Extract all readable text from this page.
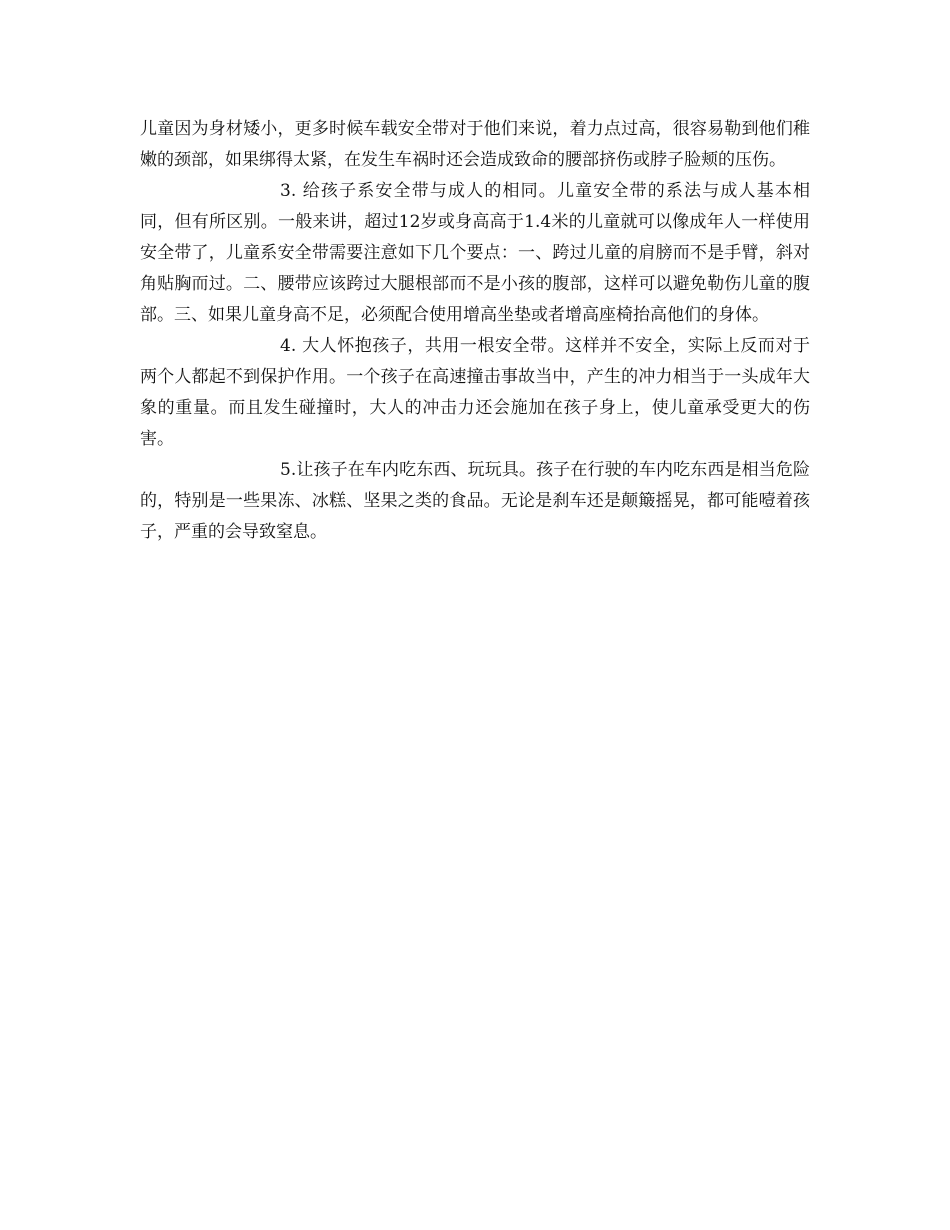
儿童因为身材矮小，更多时候车载安全带对于他们来说，着力点过高，很容易勒到他们稚嫩的颈部，如果绑得太紧，在发生车祸时还会造成致命的腰部挤伤或脖子脸颊的压伤。

3. 给孩子系安全带与成人的相同。儿童安全带的系法与成人基本相同，但有所区别。一般来讲，超过12岁或身高高于1.4米的儿童就可以像成年人一样使用安全带了，儿童系安全带需要注意如下几个要点：一、跨过儿童的肩膀而不是手臂，斜对角贴胸而过。二、腰带应该跨过大腿根部而不是小孩的腹部，这样可以避免勒伤儿童的腹部。三、如果儿童身高不足，必须配合使用增高坐垫或者增高座椅抬高他们的身体。

4. 大人怀抱孩子，共用一根安全带。这样并不安全，实际上反而对于两个人都起不到保护作用。一个孩子在高速撞击事故当中，产生的冲力相当于一头成年大象的重量。而且发生碰撞时，大人的冲击力还会施加在孩子身上，使儿童承受更大的伤害。

5.让孩子在车内吃东西、玩玩具。孩子在行驶的车内吃东西是相当危险的，特别是一些果冻、冰糕、坚果之类的食品。无论是刹车还是颠簸摇晃，都可能噎着孩子，严重的会导致窒息。
